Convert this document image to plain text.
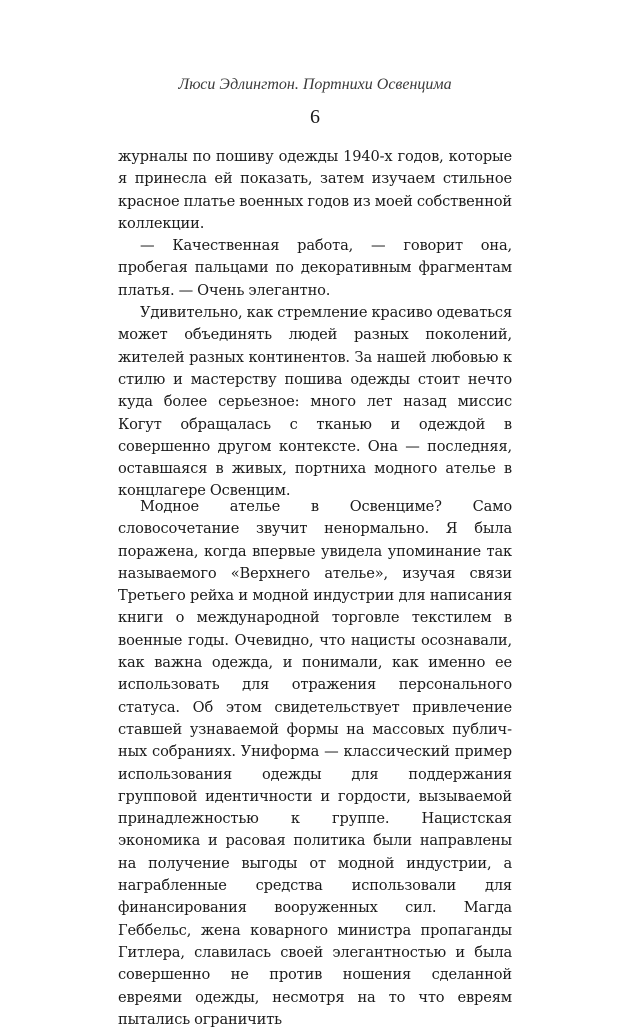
Люси Эдлингтон. Портнихи Освенцима

6

журналы по пошиву одежды 1940-х годов, которые я принесла ей показать, затем изучаем стильное красное платье военных годов из моей собственной коллекции.

— Качественная работа, — говорит она, пробегая пальцами по декоративным фрагментам платья. — Очень элегантно.

Удивительно, как стремление красиво одеваться может объединять людей разных поколений, жителей разных континентов. За нашей любовью к стилю и мастерству пошива одежды стоит нечто куда более серьезное: много лет назад миссис Когут обращалась с тканью и одеждой в совершенно другом контексте. Она — последняя, оставшаяся в живых, портниха модного ателье в концлагере Освенцим.

Модное ателье в Освенциме? Само словосочетание звучит ненормально. Я была поражена, когда впервые увидела упоминание так называемого «Верхнего ателье», изучая связи Третьего рейха и модной индустрии для написания книги о международной торговле текстилем в военные годы. Очевидно, что нацисты осознавали, как важна одежда, и понимали, как именно ее использовать для отражения персонального статуса. Об этом свидетельствует привлечение ставшей узнаваемой формы на массовых публичных собраниях. Униформа — классический пример использования одежды для поддержания групповой идентичности и гордости, вызываемой принадлежностью к группе. Нацистская экономика и расовая политика были направлены на получение выгоды от модной индустрии, а награбленные средства использовали для финансирования вооруженных сил. Магда Геббельс, жена коварного министра пропаганды Гитлера, славилась своей элегантностью и была совершенно не против ношения сделанной евреями одежды, несмотря на то что евреям пытались ограничить
